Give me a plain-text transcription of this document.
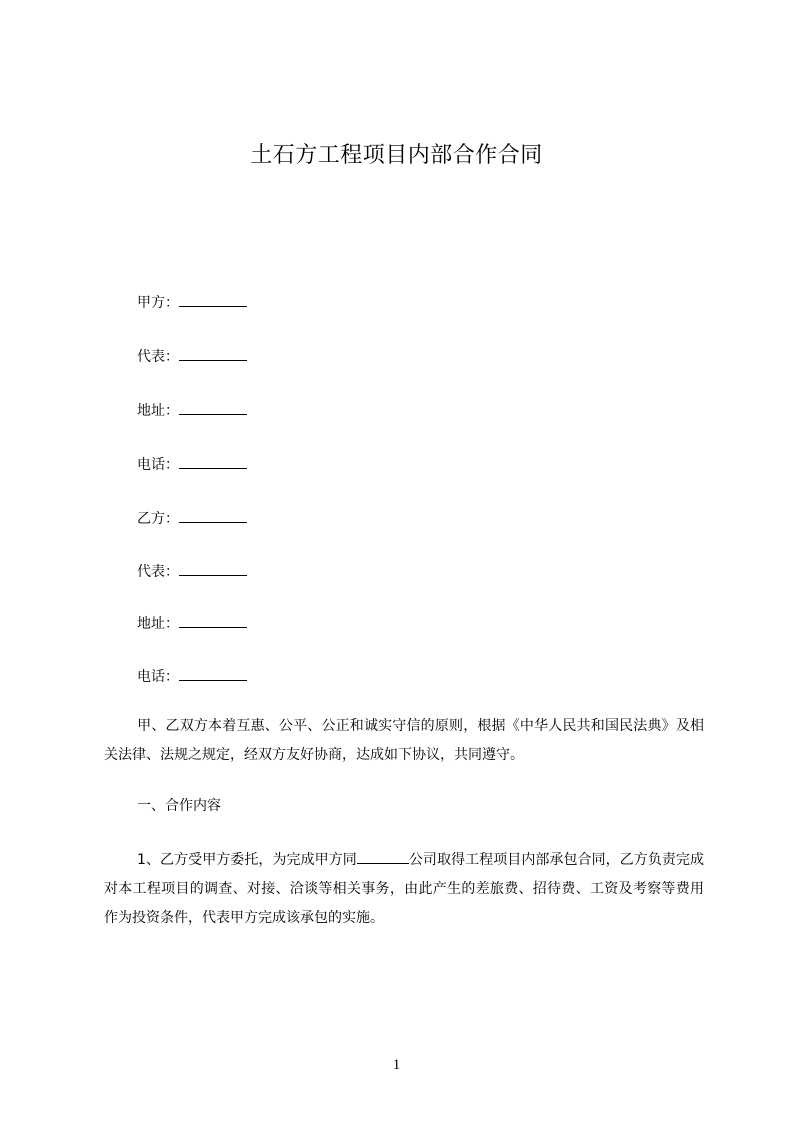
土石方工程项目内部合作合同
甲方：
代表：
地址：
电话：
乙方：
代表：
地址：
电话：
甲、乙双方本着互惠、公平、公正和诚实守信的原则，根据《中华人民共和国民法典》及相关法律、法规之规定，经双方友好协商，达成如下协议，共同遵守。
一、合作内容
1、乙方受甲方委托，为完成甲方同	公司取得工程项目内部承包合同，乙方负责完成对本工程项目的调查、对接、洽谈等相关事务，由此产生的差旅费、招待费、工资及考察等费用作为投资条件，代表甲方完成该承包的实施。
1
